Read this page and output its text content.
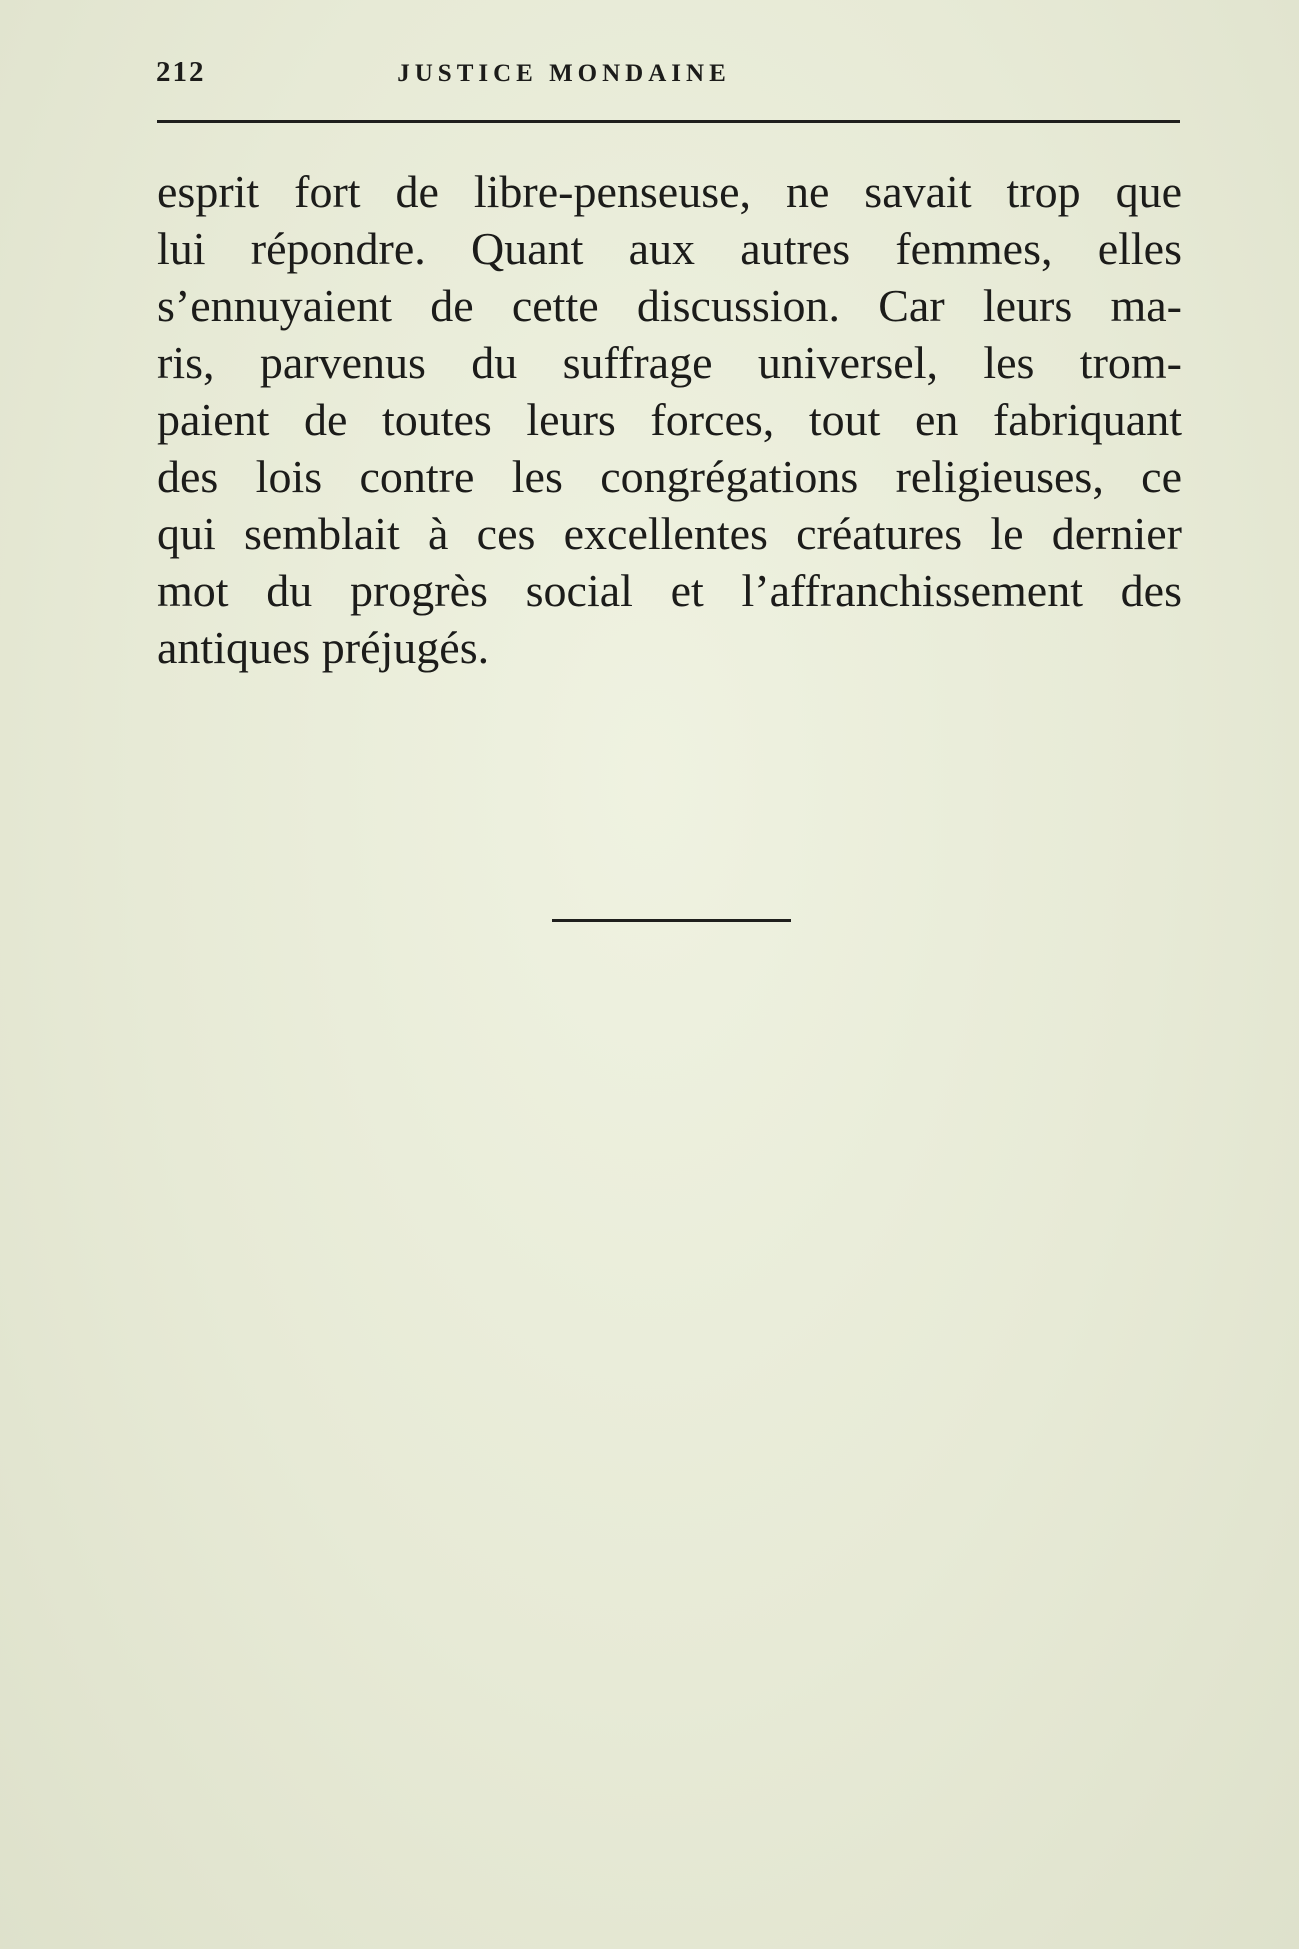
212	JUSTICE MONDAINE

esprit fort de libre-penseuse, ne savait trop que
lui répondre. Quant aux autres femmes, elles
s’ennuyaient de cette discussion. Car leurs ma-
ris, parvenus du suffrage universel, les trom-
paient de toutes leurs forces, tout en fabriquant
des lois contre les congrégations religieuses, ce
qui semblait à ces excellentes créatures le dernier
mot du progrès social et l’affranchissement des
antiques préjugés.
